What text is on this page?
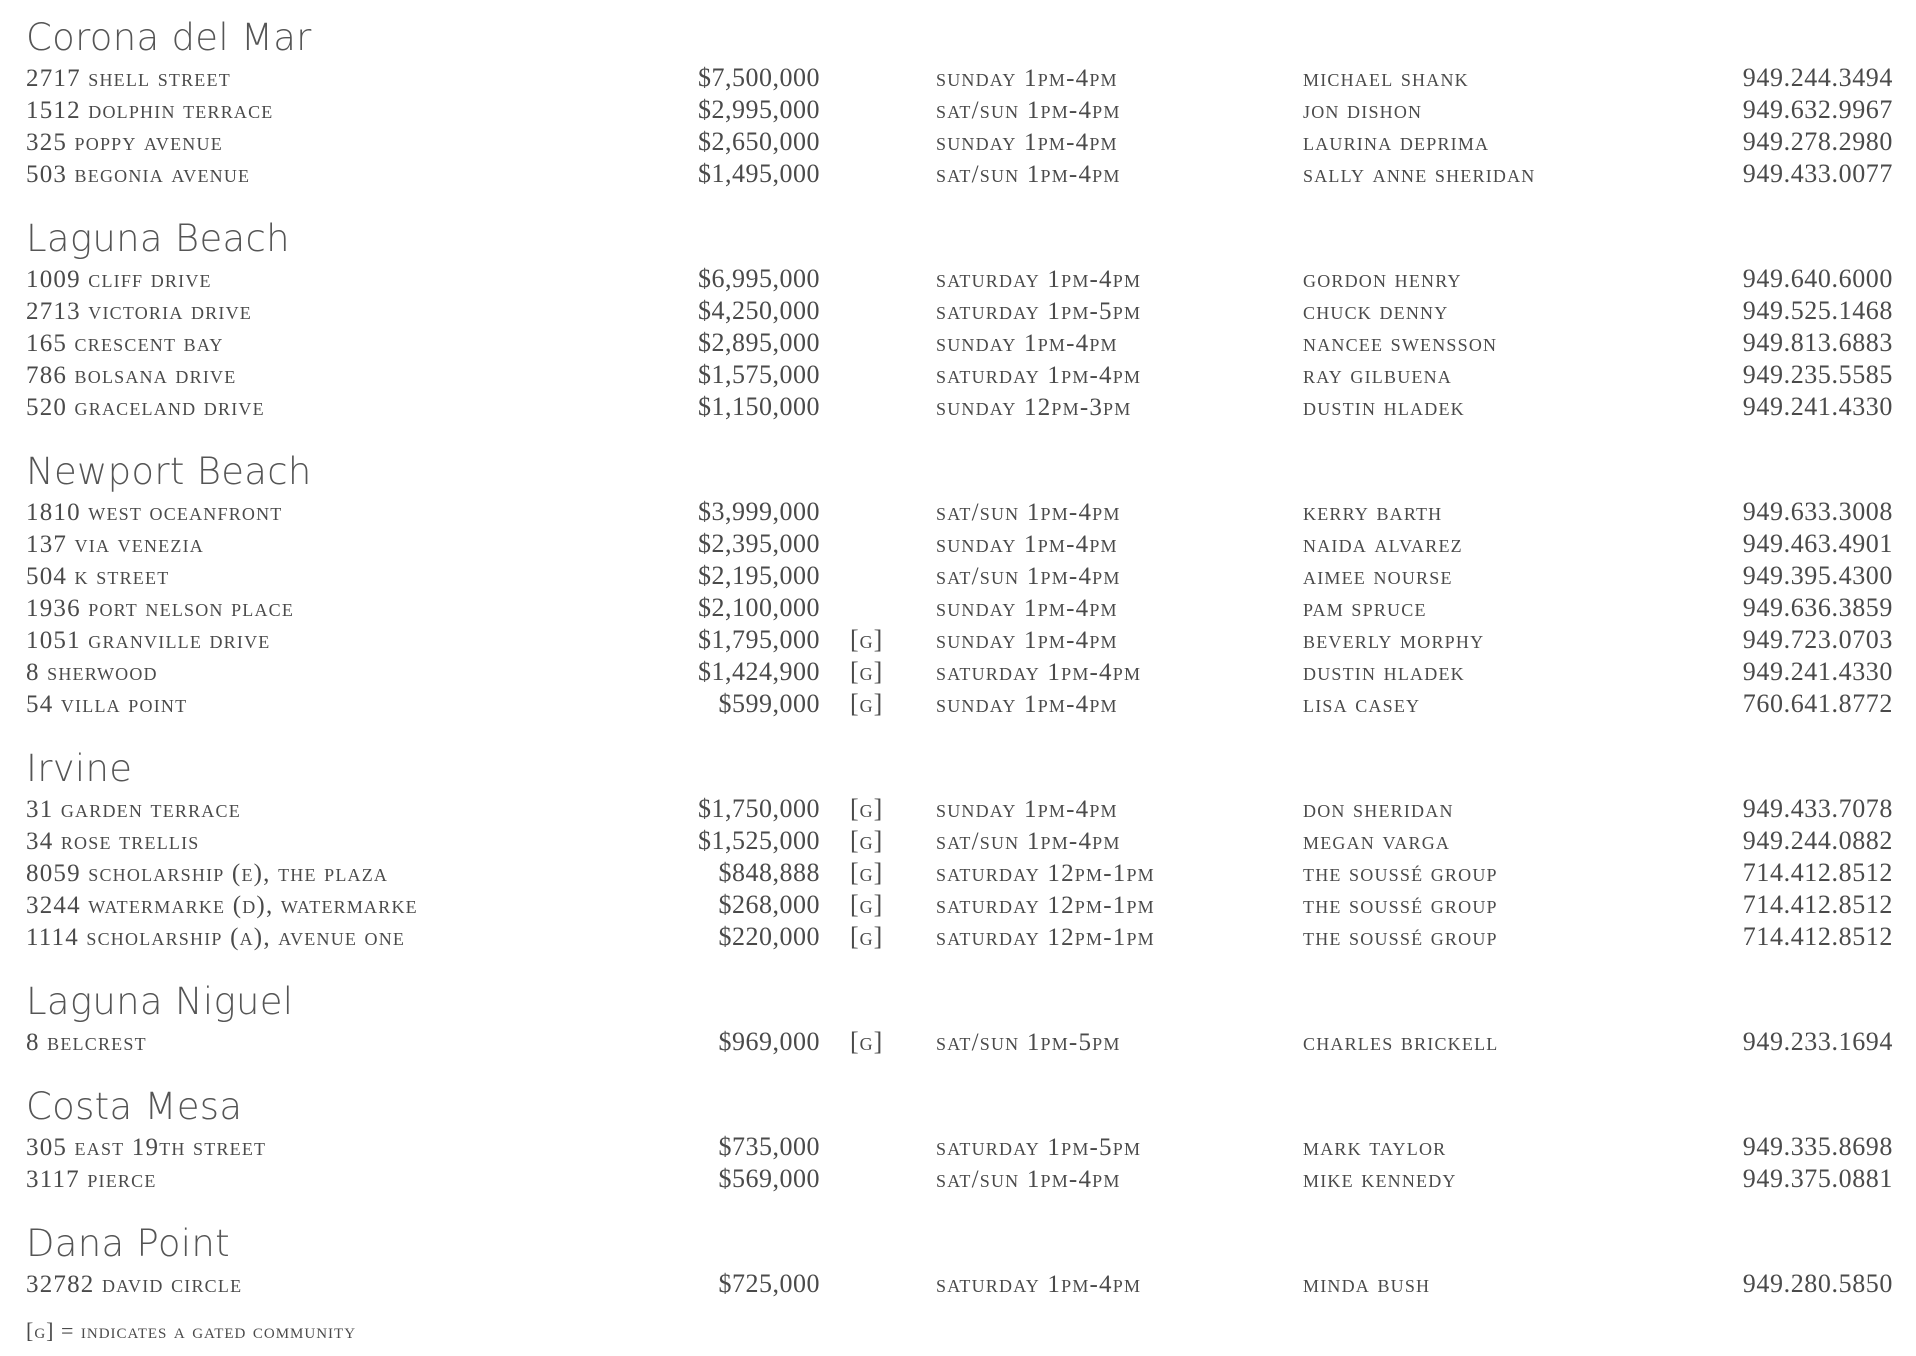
Corona del Mar
2717 shell street	$7,500,000	sunday 1pm-4pm	michael shank	949.244.3494
1512 dolphin terrace	$2,995,000	sat/sun 1pm-4pm	jon dishon	949.632.9967
325 poppy avenue	$2,650,000	sunday 1pm-4pm	laurina deprima	949.278.2980
503 begonia avenue	$1,495,000	sat/sun 1pm-4pm	sally anne sheridan	949.433.0077
Laguna Beach
1009 cliff drive	$6,995,000	saturday 1pm-4pm	gordon henry	949.640.6000
2713 victoria drive	$4,250,000	saturday 1pm-5pm	chuck denny	949.525.1468
165 crescent bay	$2,895,000	sunday 1pm-4pm	nancee swensson	949.813.6883
786 bolsana drive	$1,575,000	saturday 1pm-4pm	ray gilbuena	949.235.5585
520 graceland drive	$1,150,000	sunday 12pm-3pm	dustin hladek	949.241.4330
Newport Beach
1810 west oceanfront	$3,999,000	sat/sun 1pm-4pm	kerry barth	949.633.3008
137 via venezia	$2,395,000	sunday 1pm-4pm	naida alvarez	949.463.4901
504 k street	$2,195,000	sat/sun 1pm-4pm	aimee nourse	949.395.4300
1936 port nelson place	$2,100,000	sunday 1pm-4pm	pam spruce	949.636.3859
1051 granville drive	$1,795,000	[g]	sunday 1pm-4pm	beverly morphy	949.723.0703
8 sherwood	$1,424,900	[g]	saturday 1pm-4pm	dustin hladek	949.241.4330
54 villa point	$599,000	[g]	sunday 1pm-4pm	lisa casey	760.641.8772
Irvine
31 garden terrace	$1,750,000	[g]	sunday 1pm-4pm	don sheridan	949.433.7078
34 rose trellis	$1,525,000	[g]	sat/sun 1pm-4pm	megan varga	949.244.0882
8059 scholarship (e), the plaza	$848,888	[g]	saturday 12pm-1pm	the soussé group	714.412.8512
3244 watermarke (d), watermarke	$268,000	[g]	saturday 12pm-1pm	the soussé group	714.412.8512
1114 scholarship (a), avenue one	$220,000	[g]	saturday 12pm-1pm	the soussé group	714.412.8512
Laguna Niguel
8 belcrest	$969,000	[g]	sat/sun 1pm-5pm	charles brickell	949.233.1694
Costa Mesa
305 east 19th street	$735,000	saturday 1pm-5pm	mark taylor	949.335.8698
3117 pierce	$569,000	sat/sun 1pm-4pm	mike kennedy	949.375.0881
Dana Point
32782 david circle	$725,000	saturday 1pm-4pm	minda bush	949.280.5850
[g] = indicates a gated community
